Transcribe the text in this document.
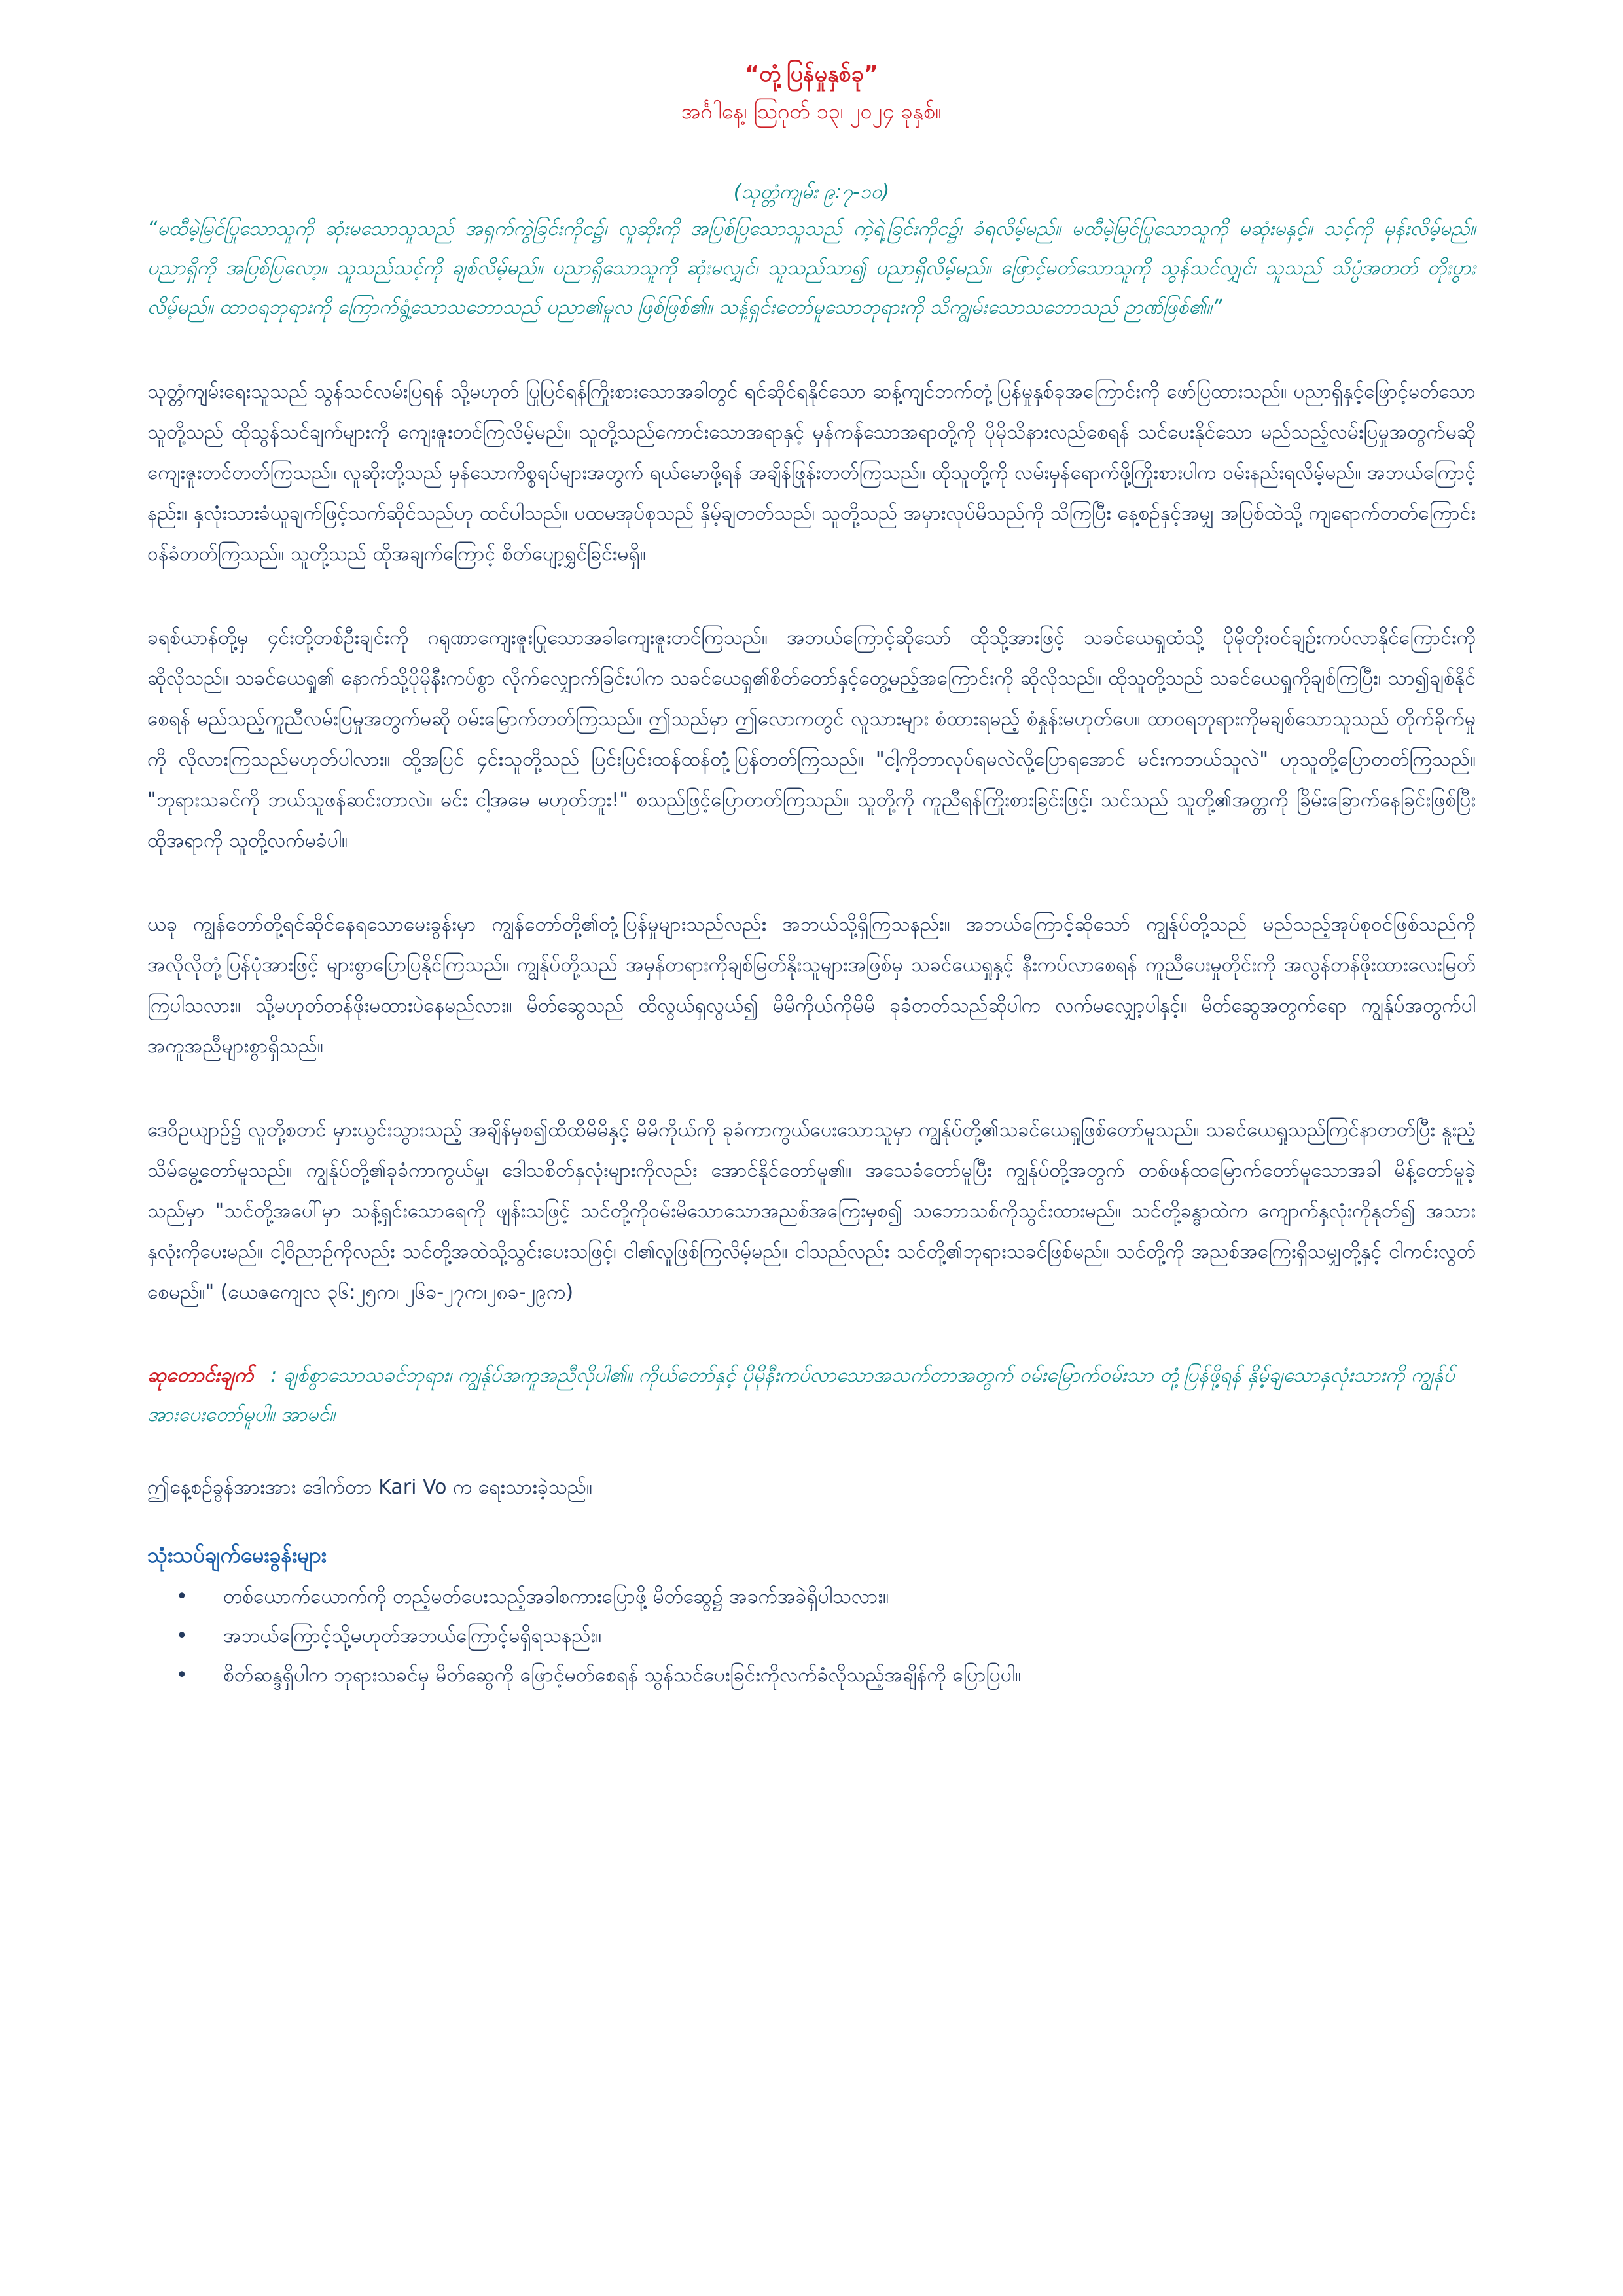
“တုံ့ပြန်မှုနှစ်ခု”

အင်္ဂါနေ့၊ ဩဂုတ် ၁၃၊ ၂၀၂၄ ခုနှစ်။

(သုတ္တံကျမ်း ၉:၇-၁၀)

“မထီမဲ့မြင်ပြုသောသူကို ဆုံးမသောသူသည် အရှက်ကွဲခြင်းကိုင၌၊ လူဆိုးကို အပြစ်ပြသောသူသည် ကဲ့ရဲ့ခြင်းကိုင၌၊ ခံရလိမ့်မည်။ မထီမဲ့မြင်ပြုသောသူကို မဆုံးမနှင့်။ သင့်ကို မုန်းလိမ့်မည်။ ပညာရှိကို အပြစ်ပြလော့။ သူသည်သင့်ကို ချစ်လိမ့်မည်။ ပညာရှိသောသူကို ဆုံးမလျှင်၊ သူသည်သာ၍ ပညာရှိလိမ့်မည်။ ဖြောင့်မတ်သောသူကို သွန်သင်လျှင်၊ သူသည် သိပ္ပံအတတ် တိုးပွားလိမ့်မည်။ ထာဝရဘုရားကို ကြောက်ရွံ့သောသဘောသည် ပညာ၏မူလ ဖြစ်ဖြစ်၏။ သန့်ရှင်းတော်မူသောဘုရားကို သိကျွမ်းသောသဘောသည် ဉာဏ်ဖြစ်၏။”

သုတ္တံကျမ်းရေးသူသည် သွန်သင်လမ်းပြရန် သို့မဟုတ် ပြုပြင်ရန်ကြိုးစားသောအခါတွင် ရင်ဆိုင်ရနိုင်သော ဆန့်ကျင်ဘက်တုံ့ပြန်မှုနှစ်ခုအကြောင်းကို ဖော်ပြထားသည်။ ပညာရှိနှင့်ဖြောင့်မတ်သောသူတို့သည် ထိုသွန်သင်ချက်များကို ကျေးဇူးတင်ကြလိမ့်မည်။ သူတို့သည်ကောင်းသောအရာနှင့် မှန်ကန်သောအရာတို့ကို ပိုမိုသိနားလည်စေရန် သင်ပေးနိုင်သော မည်သည့်လမ်းပြမှုအတွက်မဆို ကျေးဇူးတင်တတ်ကြသည်။ လူဆိုးတို့သည် မှန်သောကိစ္စရပ်များအတွက် ရယ်မောဖို့ရန် အချိန်ဖြုန်းတတ်ကြသည်။ ထိုသူတို့ကို လမ်းမှန်ရောက်ဖို့ကြိုးစားပါက ဝမ်းနည်းရလိမ့်မည်။ အဘယ်ကြောင့်နည်း။ နှလုံးသားခံယူချက်ဖြင့်သက်ဆိုင်သည်ဟု ထင်ပါသည်။ ပထမအုပ်စုသည် နှိမ့်ချတတ်သည်၊ သူတို့သည် အမှားလုပ်မိသည်ကို သိကြပြီး နေ့စဉ်နှင့်အမျှ အပြစ်ထဲသို့ ကျရောက်တတ်ကြောင်းဝန်ခံတတ်ကြသည်။ သူတို့သည် ထိုအချက်ကြောင့် စိတ်ပျော့ရွှင်ခြင်းမရှိ။

ခရစ်ယာန်တို့မှ ၄င်းတို့တစ်ဦးချင်းကို ဂရုဏာကျေးဇူးပြုသောအခါကျေးဇူးတင်ကြသည်။ အဘယ်ကြောင့်ဆိုသော် ထိုသို့အားဖြင့် သခင်ယေရှုထံသို့ ပိုမိုတိုးဝင်ချဉ်းကပ်လာနိုင်ကြောင်းကိုဆိုလိုသည်။ သခင်ယေရှု၏ နောက်သို့ပိုမိုနီးကပ်စွာ လိုက်လျှောက်ခြင်းပါက သခင်ယေရှု၏စိတ်တော်နှင့်တွေ့မည့်အကြောင်းကို ဆိုလိုသည်။ ထိုသူတို့သည် သခင်ယေရှုကိုချစ်ကြပြီး၊ သာ၍ချစ်နိုင်စေရန် မည်သည့်ကူညီလမ်းပြမှုအတွက်မဆို ဝမ်းမြောက်တတ်ကြသည်။ ဤသည်မှာ ဤလောကတွင် လူသားများ စံထားရမည့် စံနှုန်းမဟုတ်ပေ။ ထာဝရဘုရားကိုမချစ်သောသူသည် တိုက်ခိုက်မှုကို လိုလားကြသည်မဟုတ်ပါလား။ ထို့အပြင် ၄င်းသူတို့သည် ပြင်းပြင်းထန်ထန်တုံ့ပြန်တတ်ကြသည်။ "ငါ့ကိုဘာလုပ်ရမလဲလို့ပြောရအောင် မင်းကဘယ်သူလဲ" ဟုသူတို့ပြောတတ်ကြသည်။ "ဘုရားသခင်ကို ဘယ်သူဖန်ဆင်းတာလဲ။ မင်း ငါ့အမေ မဟုတ်ဘူး!" စသည်ဖြင့်ပြောတတ်ကြသည်။ သူတို့ကို ကူညီရန်ကြိုးစားခြင်းဖြင့်၊ သင်သည် သူတို့၏အတ္တကို ခြိမ်းခြောက်နေခြင်းဖြစ်ပြီးထိုအရာကို သူတို့လက်မခံပါ။

ယခု ကျွန်တော်တို့ရင်ဆိုင်နေရသောမေးခွန်းမှာ ကျွန်တော်တို့၏တုံ့ပြန်မှုများသည်လည်း အဘယ်သို့ရှိကြသနည်း။ အဘယ်ကြောင့်ဆိုသော် ကျွန်ုပ်တို့သည် မည်သည့်အုပ်စုဝင်ဖြစ်သည်ကို အလိုလိုတုံ့ပြန်ပုံအားဖြင့် များစွာပြောပြနိုင်ကြသည်။ ကျွန်ုပ်တို့သည် အမှန်တရားကိုချစ်မြတ်နိုးသူများအဖြစ်မှ သခင်ယေရှုနှင့် နီးကပ်လာစေရန် ကူညီပေးမှုတိုင်းကို အလွန်တန်ဖိုးထားလေးမြတ်ကြပါသလား။ သို့မဟုတ်တန်ဖိုးမထားပဲနေမည်လား။ မိတ်ဆွေသည် ထိလွယ်ရှလွယ်၍ မိမိကိုယ်ကိုမိမိ ခုခံတတ်သည်ဆိုပါက လက်မလျှော့ပါနှင့်။ မိတ်ဆွေအတွက်ရော ကျွန်ုပ်အတွက်ပါ အကူအညီများစွာရှိသည်။

ဒေဝိဥယျာဉ်၌ လူတို့စတင် မှားယွင်းသွားသည့် အချိန်မှစ၍ထိထိမိမိနှင့် မိမိကိုယ်ကို ခုခံကာကွယ်ပေးသောသူမှာ ကျွန်ုပ်တို့၏သခင်ယေရှုဖြစ်တော်မူသည်။ သခင်ယေရှုသည်ကြင်နာတတ်ပြီး နူးညံ့သိမ်မွေ့တော်မူသည်။ ကျွန်ုပ်တို့၏ခုခံကာကွယ်မှု၊ ဒေါသစိတ်နှလုံးများကိုလည်း အောင်နိုင်တော်မူ၏။ အသေခံတော်မူပြီး ကျွန်ုပ်တို့အတွက် တစ်ဖန်ထမြောက်တော်မူသောအခါ မိန့်တော်မူခဲ့သည်မှာ "သင်တို့အပေါ်မှာ သန့်ရှင်းသောရေကို ဖျန်းသဖြင့် သင်တို့ကိုဝမ်းမိသောသောအညစ်အကြေးမှစ၍ သဘောသစ်ကိုသွင်းထားမည်။ သင်တို့ခန္ဓာထဲက ကျောက်နှလုံးကိုနုတ်၍ အသားနှလုံးကိုပေးမည်။ ငါ့ဝိညာဉ်ကိုလည်း သင်တို့အထဲသို့သွင်းပေးသဖြင့်၊ ငါ၏လူဖြစ်ကြလိမ့်မည်။ ငါသည်လည်း သင်တို့၏ဘုရားသခင်ဖြစ်မည်။ သင်တို့ကို အညစ်အကြေးရှိသမျှတို့နှင့် ငါကင်းလွတ်စေမည်။" (ယေဇကျေလ ၃၆:၂၅က၊ ၂၆ခ-၂၇က၊၂၈ခ-၂၉က)

ဆုတောင်းချက် : ချစ်စွာသောသခင်ဘုရား၊ ကျွန်ုပ်အကူအညီလိုပါ၏။ ကိုယ်တော်နှင့် ပိုမိုနီးကပ်လာသောအသက်တာအတွက် ဝမ်းမြောက်ဝမ်းသာ တုံ့ပြန်ဖို့ရန် နှိမ့်ချသောနှလုံးသားကို ကျွန်ုပ်အားပေးတော်မူပါ။ အာမင်။

ဤနေ့စဉ်ခွန်အားအား ဒေါက်တာ Kari Vo က ရေးသားခဲ့သည်။

သုံးသပ်ချက်မေးခွန်းများ

• တစ်ယောက်ယောက်ကို တည့်မတ်ပေးသည့်အခါစကားပြောဖို့ မိတ်ဆွေ၌ အခက်အခဲရှိပါသလား။
• အဘယ်ကြောင့်သို့မဟုတ်အဘယ်ကြောင့်မရှိရသနည်း။
• စိတ်ဆန္ဒရှိပါက ဘုရားသခင်မှ မိတ်ဆွေကို ဖြောင့်မတ်စေရန် သွန်သင်ပေးခြင်းကိုလက်ခံလိုသည့်အချိန်ကို ပြောပြပါ။
